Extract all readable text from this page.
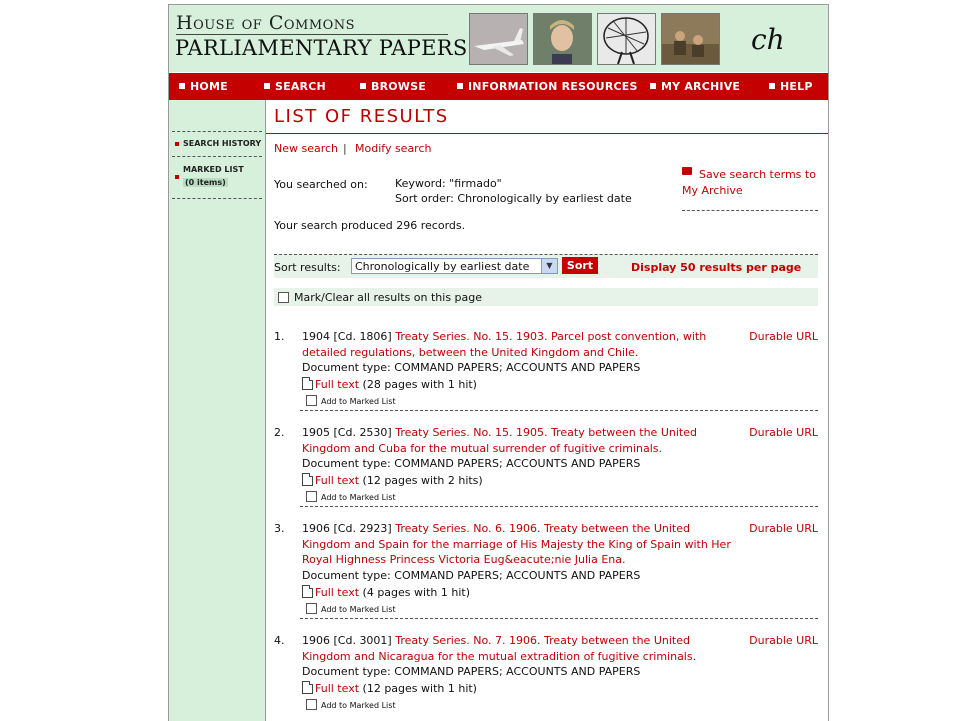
House of Commons
PARLIAMENTARY PAPERS	ch
HOME	SEARCH	BROWSE	INFORMATION RESOURCES	MY ARCHIVE	HELP
SEARCH HISTORY
MARKED LIST
(0 items)
LIST OF RESULTS
New search | Modify search
You searched on: Keyword: "firmado"
Sort order: Chronologically by earliest date
Save search terms to
My Archive
Your search produced 296 records.
Sort results:	Chronologically by earliest date	▼	Sort	Display 50 results per page
Mark/Clear all results on this page
1. 1904 [Cd. 1806] Treaty Series. No. 15. 1903. Parcel post convention, with
detailed regulations, between the United Kingdom and Chile.
Document type: COMMAND PAPERS; ACCOUNTS AND PAPERS
Full text (28 pages with 1 hit)
Add to Marked List
Durable URL
2. 1905 [Cd. 2530] Treaty Series. No. 15. 1905. Treaty between the United
Kingdom and Cuba for the mutual surrender of fugitive criminals.
Document type: COMMAND PAPERS; ACCOUNTS AND PAPERS
Full text (12 pages with 2 hits)
Add to Marked List
Durable URL
3. 1906 [Cd. 2923] Treaty Series. No. 6. 1906. Treaty between the United
Kingdom and Spain for the marriage of His Majesty the King of Spain with Her
Royal Highness Princess Victoria Eug&eacute;nie Julia Ena.
Document type: COMMAND PAPERS; ACCOUNTS AND PAPERS
Full text (4 pages with 1 hit)
Add to Marked List
Durable URL
4. 1906 [Cd. 3001] Treaty Series. No. 7. 1906. Treaty between the United
Kingdom and Nicaragua for the mutual extradition of fugitive criminals.
Document type: COMMAND PAPERS; ACCOUNTS AND PAPERS
Full text (12 pages with 1 hit)
Add to Marked List
Durable URL
